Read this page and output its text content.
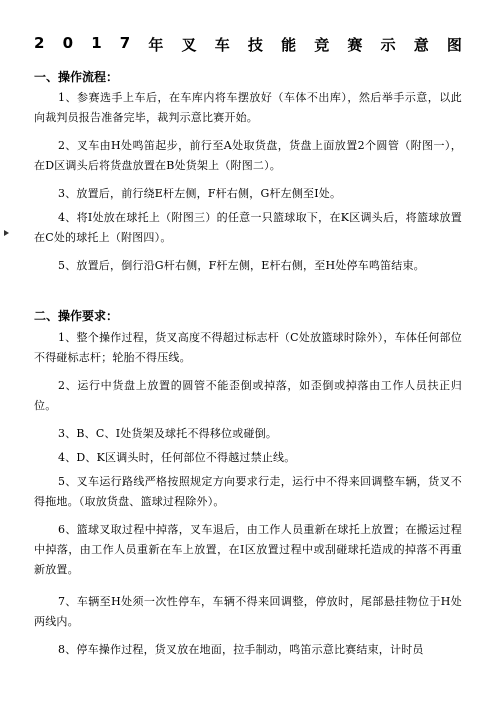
2 0 1 7 年 叉 车 技 能 竞 赛 示 意 图
一、操作流程：
1、参赛选手上车后，在车库内将车摆放好（车体不出库），然后举手示意，以此向裁判员报告准备完毕，裁判示意比赛开始。
2、叉车由H处鸣笛起步，前行至A处取货盘，货盘上面放置2个圆管（附图一），在D区调头后将货盘放置在B处货架上（附图二）。
3、放置后，前行绕E杆左侧，F杆右侧，G杆左侧至I处。
4、将I处放在球托上（附图三）的任意一只篮球取下，在K区调头后，将篮球放置在C处的球托上（附图四）。
5、放置后，倒行沿G杆右侧，F杆左侧，E杆右侧，至H处停车鸣笛结束。
二、操作要求：
1、整个操作过程，货叉高度不得超过标志杆（C处放篮球时除外），车体任何部位不得碰标志杆；轮胎不得压线。
2、运行中货盘上放置的圆管不能歪倒或掉落，如歪倒或掉落由工作人员扶正归位。
3、B、C、I处货架及球托不得移位或碰倒。
4、D、K区调头时，任何部位不得越过禁止线。
5、叉车运行路线严格按照规定方向要求行走，运行中不得来回调整车辆，货叉不得拖地。（取放货盘、篮球过程除外）。
6、篮球叉取过程中掉落，叉车退后，由工作人员重新在球托上放置；在搬运过程中掉落，由工作人员重新在车上放置，在I区放置过程中或刮碰球托造成的掉落不再重新放置。
7、车辆至H处须一次性停车，车辆不得来回调整，停放时，尾部悬挂物位于H处两线内。
8、停车操作过程，货叉放在地面，拉手制动，鸣笛示意比赛结束，计时员
